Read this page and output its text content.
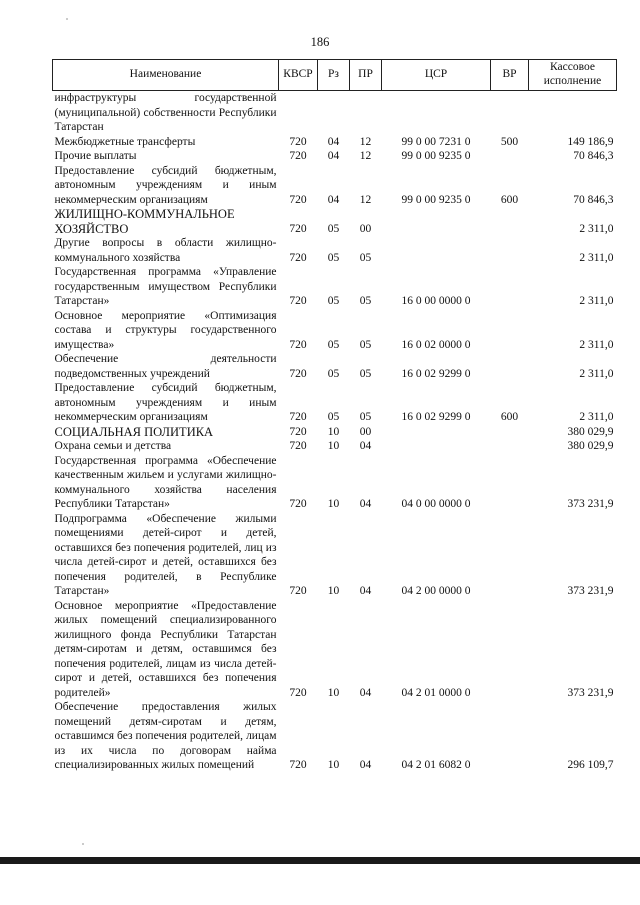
186
Наименование	КВСР	Рз	ПР	ЦСР	ВР	Кассовое исполнение
инфраструктуры государственной (муниципальной) собственности Республики Татарстан						
Межбюджетные трансферты	720	04	12	99 0 00 7231 0	500	149 186,9
Прочие выплаты	720	04	12	99 0 00 9235 0		70 846,3
Предоставление субсидий бюджетным, автономным учреждениям и иным некоммерческим организациям	720	04	12	99 0 00 9235 0	600	70 846,3
ЖИЛИЩНО-КОММУНАЛЬНОЕ ХОЗЯЙСТВО	720	05	00			2 311,0
Другие вопросы в области жилищно-коммунального хозяйства	720	05	05			2 311,0
Государственная программа «Управление государственным имуществом Республики Татарстан»	720	05	05	16 0 00 0000 0		2 311,0
Основное мероприятие «Оптимизация состава и структуры государственного имущества»	720	05	05	16 0 02 0000 0		2 311,0
Обеспечение деятельности подведомственных учреждений	720	05	05	16 0 02 9299 0		2 311,0
Предоставление субсидий бюджетным, автономным учреждениям и иным некоммерческим организациям	720	05	05	16 0 02 9299 0	600	2 311,0
СОЦИАЛЬНАЯ ПОЛИТИКА	720	10	00			380 029,9
Охрана семьи и детства	720	10	04			380 029,9
Государственная программа «Обеспечение качественным жильем и услугами жилищно-коммунального хозяйства населения Республики Татарстан»	720	10	04	04 0 00 0000 0		373 231,9
Подпрограмма «Обеспечение жилыми помещениями детей-сирот и детей, оставшихся без попечения родителей, лиц из числа детей-сирот и детей, оставшихся без попечения родителей, в Республике Татарстан»	720	10	04	04 2 00 0000 0		373 231,9
Основное мероприятие «Предоставление жилых помещений специализированного жилищного фонда Республики Татарстан детям-сиротам и детям, оставшимся без попечения родителей, лицам из числа детей-сирот и детей, оставшихся без попечения родителей»	720	10	04	04 2 01 0000 0		373 231,9
Обеспечение предоставления жилых помещений детям-сиротам и детям, оставшимся без попечения родителей, лицам из их числа по договорам найма специализированных жилых помещений	720	10	04	04 2 01 6082 0		296 109,7
